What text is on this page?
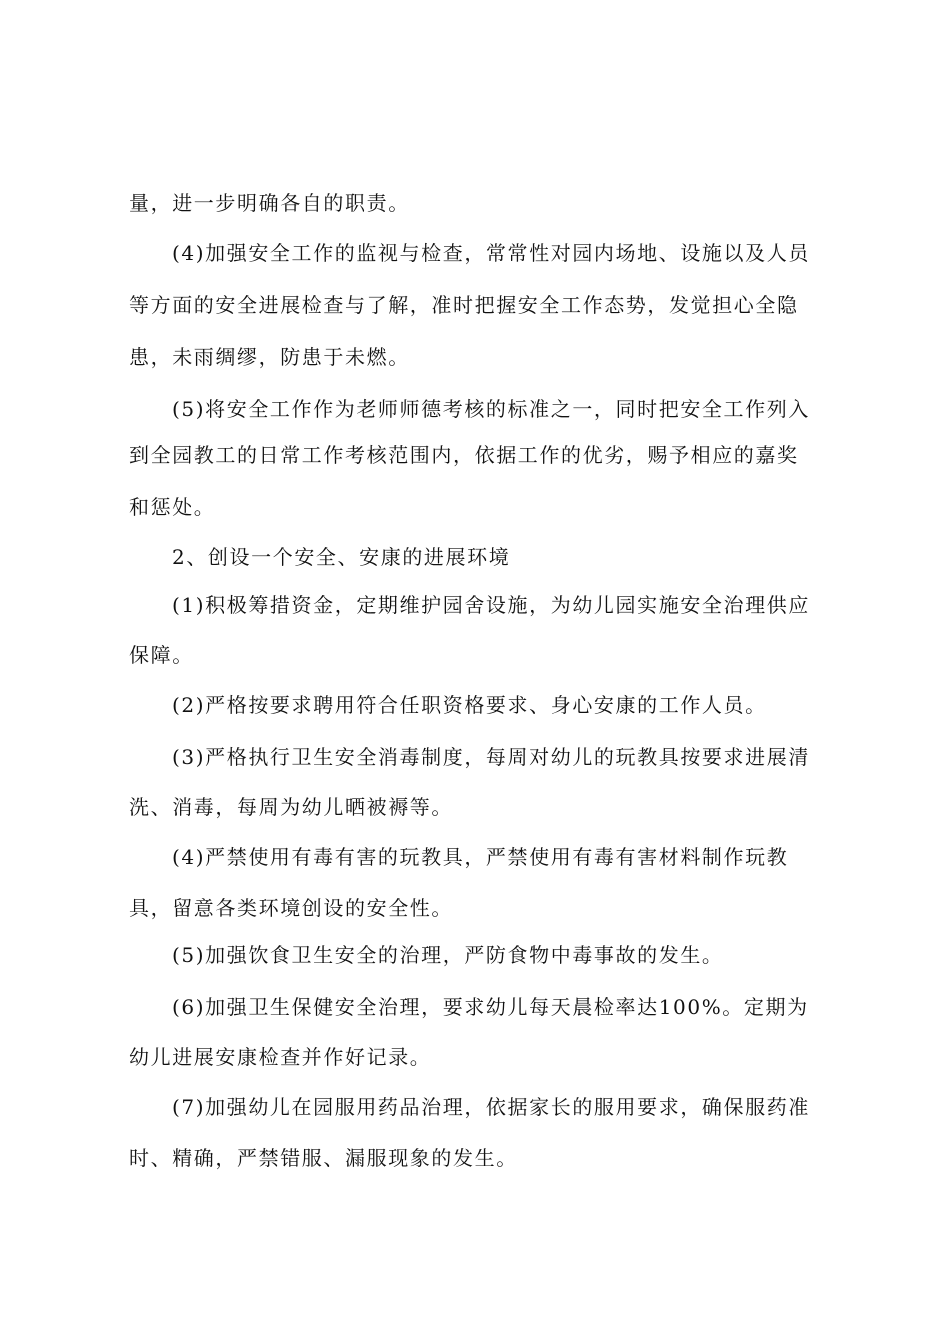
量，进一步明确各自的职责。
(4)加强安全工作的监视与检查，常常性对园内场地、设施以及人员
等方面的安全进展检查与了解，准时把握安全工作态势，发觉担心全隐
患，未雨绸缪，防患于未燃。
(5)将安全工作作为老师师德考核的标准之一，同时把安全工作列入
到全园教工的日常工作考核范围内，依据工作的优劣，赐予相应的嘉奖
和惩处。
2、创设一个安全、安康的进展环境
(1)积极筹措资金，定期维护园舍设施，为幼儿园实施安全治理供应
保障。
(2)严格按要求聘用符合任职资格要求、身心安康的工作人员。
(3)严格执行卫生安全消毒制度，每周对幼儿的玩教具按要求进展清
洗、消毒，每周为幼儿晒被褥等。
(4)严禁使用有毒有害的玩教具，严禁使用有毒有害材料制作玩教
具，留意各类环境创设的安全性。
(5)加强饮食卫生安全的治理，严防食物中毒事故的发生。
(6)加强卫生保健安全治理，要求幼儿每天晨检率达100%。定期为
幼儿进展安康检查并作好记录。
(7)加强幼儿在园服用药品治理，依据家长的服用要求，确保服药准
时、精确，严禁错服、漏服现象的发生。
